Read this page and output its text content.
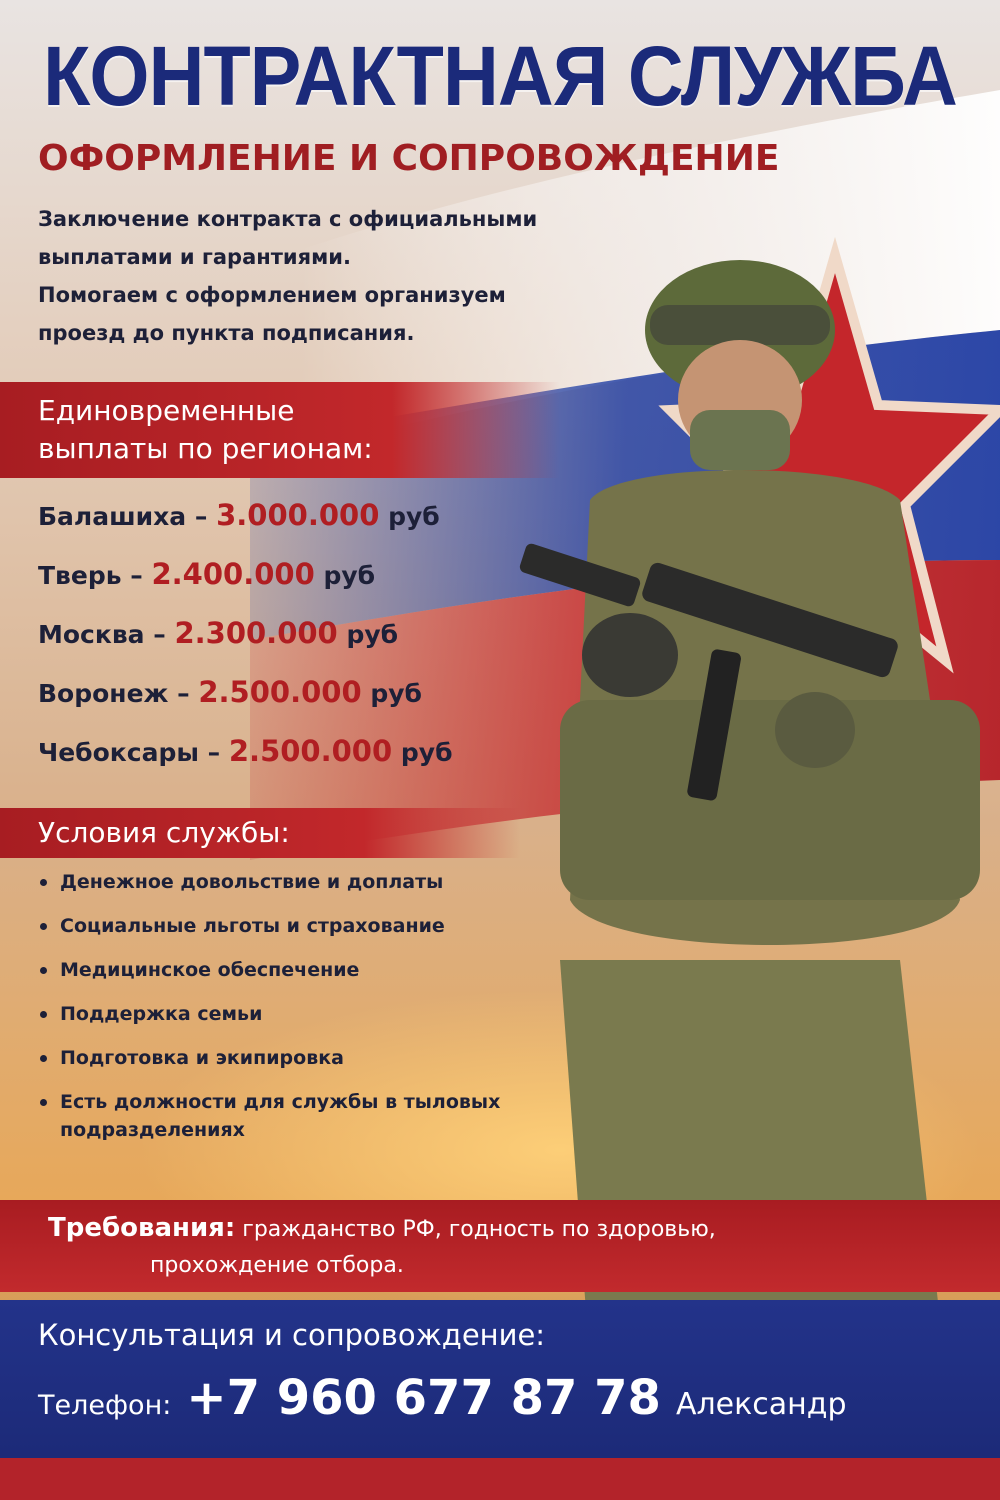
КОНТРАКТНАЯ СЛУЖБА
ОФОРМЛЕНИЕ И СОПРОВОЖДЕНИЕ

Заключение контракта с официальными выплатами и гарантиями.

Помогаем с оформлением организуем проезд до пункта подписания.

Единовременные
выплаты по регионам:
Балашиха – 3.000.000 руб
Тверь – 2.400.000 руб
Москва – 2.300.000 руб
Воронеж – 2.500.000 руб
Чебоксары – 2.500.000 руб
Условия службы:
Денежное довольствие и доплаты
Социальные льготы и страхование
Медицинское обеспечение
Поддержка семьи
Подготовка и экипировка
Есть должности для службы в тыловых подразделениях
Требования: гражданство РФ, годность по здоровью,
прохождение отбора.
Консультация и сопровождение:
Телефон: +7 960 677 87 78 Александр
